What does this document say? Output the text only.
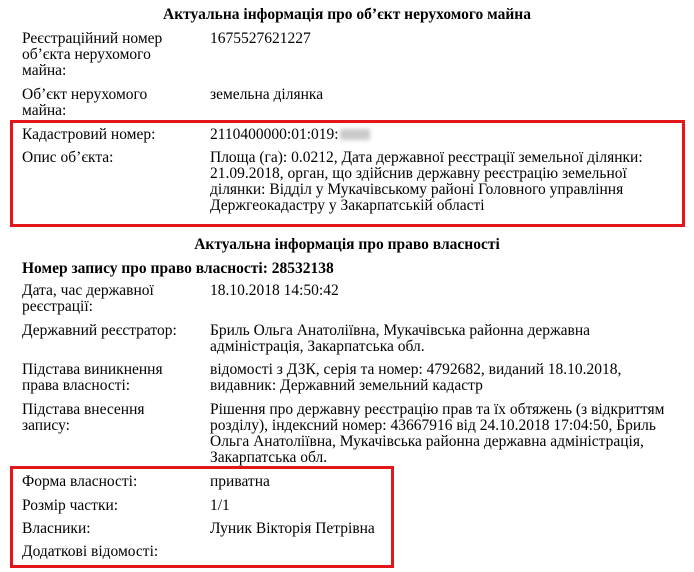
Актуальна інформація про об’єкт нерухомого майна
Реєстраційний номер об’єкта нерухомого майна:
1675527621227
Об’єкт нерухомого майна:
земельна ділянка
Кадастровий номер:	2110400000:01:019:
Опис об’єкта:	Площа (га): 0.0212, Дата державної реєстрації земельної ділянки: 21.09.2018, орган, що здійснив державну реєстрацію земельної ділянки: Відділ у Мукачівському районі Головного управління Держгеокадастру у Закарпатській області
Актуальна інформація про право власності
Номер запису про право власності: 28532138
Дата, час державної реєстрації:
18.10.2018 14:50:42
Державний реєстратор:	Бриль Ольга Анатоліївна, Мукачівська районна державна адміністрація, Закарпатська обл.
Підстава виникнення права власності:
відомості з ДЗК, серія та номер: 4792682, виданий 18.10.2018, видавник: Державний земельний кадастр
Підстава внесення запису:
Рішення про державну реєстрацію прав та їх обтяжень (з відкриттям розділу), індексний номер: 43667916 від 24.10.2018 17:04:50, Бриль Ольга Анатоліївна, Мукачівська районна державна адміністрація, Закарпатська обл.
Форма власності:	приватна
Розмір частки:	1/1
Власники:	Луник Вікторія Петрівна
Додаткові відомості:
